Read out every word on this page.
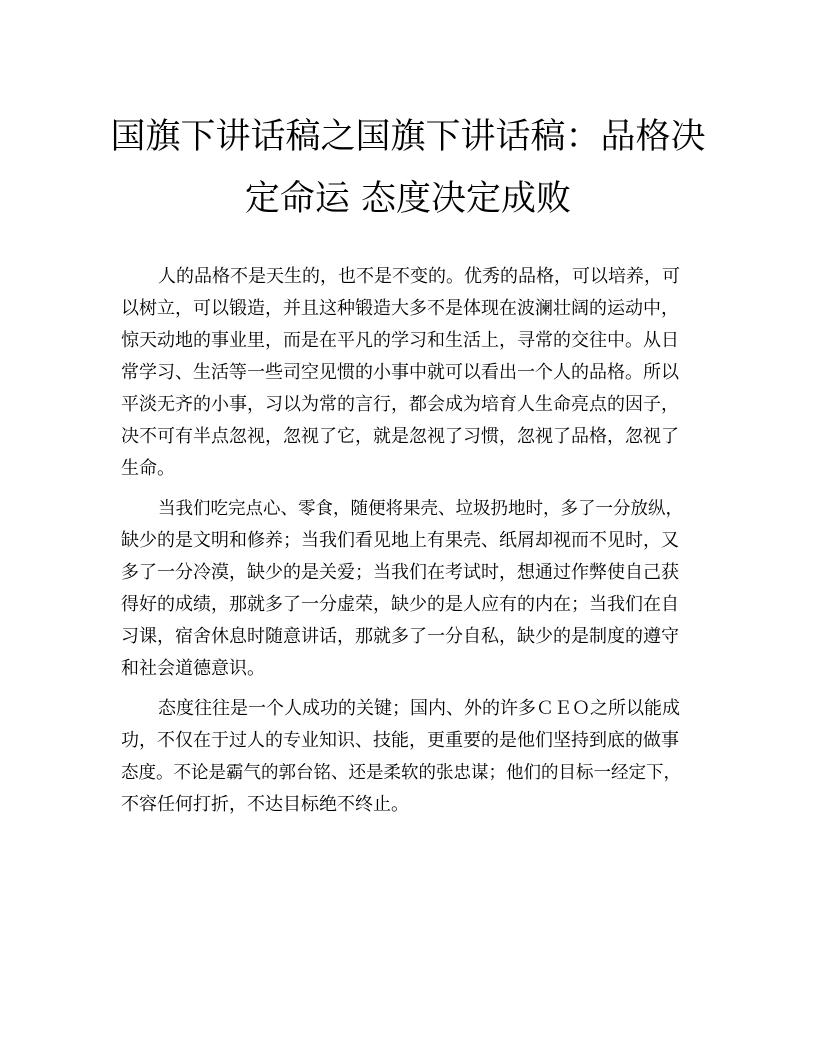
国旗下讲话稿之国旗下讲话稿：品格决
定命运 态度决定成败

人的品格不是天生的，也不是不变的。优秀的品格，可以培养，可
以树立，可以锻造，并且这种锻造大多不是体现在波澜壮阔的运动中，
惊天动地的事业里，而是在平凡的学习和生活上，寻常的交往中。从日
常学习、生活等一些司空见惯的小事中就可以看出一个人的品格。所以
平淡无齐的小事，习以为常的言行，都会成为培育人生命亮点的因子，
决不可有半点忽视，忽视了它，就是忽视了习惯，忽视了品格，忽视了
生命。

当我们吃完点心、零食，随便将果壳、垃圾扔地时，多了一分放纵，
缺少的是文明和修养；当我们看见地上有果壳、纸屑却视而不见时，又
多了一分冷漠，缺少的是关爱；当我们在考试时，想通过作弊使自己获
得好的成绩，那就多了一分虚荣，缺少的是人应有的内在；当我们在自
习课，宿舍休息时随意讲话，那就多了一分自私，缺少的是制度的遵守
和社会道德意识。

态度往往是一个人成功的关键；国内、外的许多ＣＥＯ之所以能成
功，不仅在于过人的专业知识、技能，更重要的是他们坚持到底的做事
态度。不论是霸气的郭台铭、还是柔软的张忠谋；他们的目标一经定下，
不容任何打折，不达目标绝不终止。
